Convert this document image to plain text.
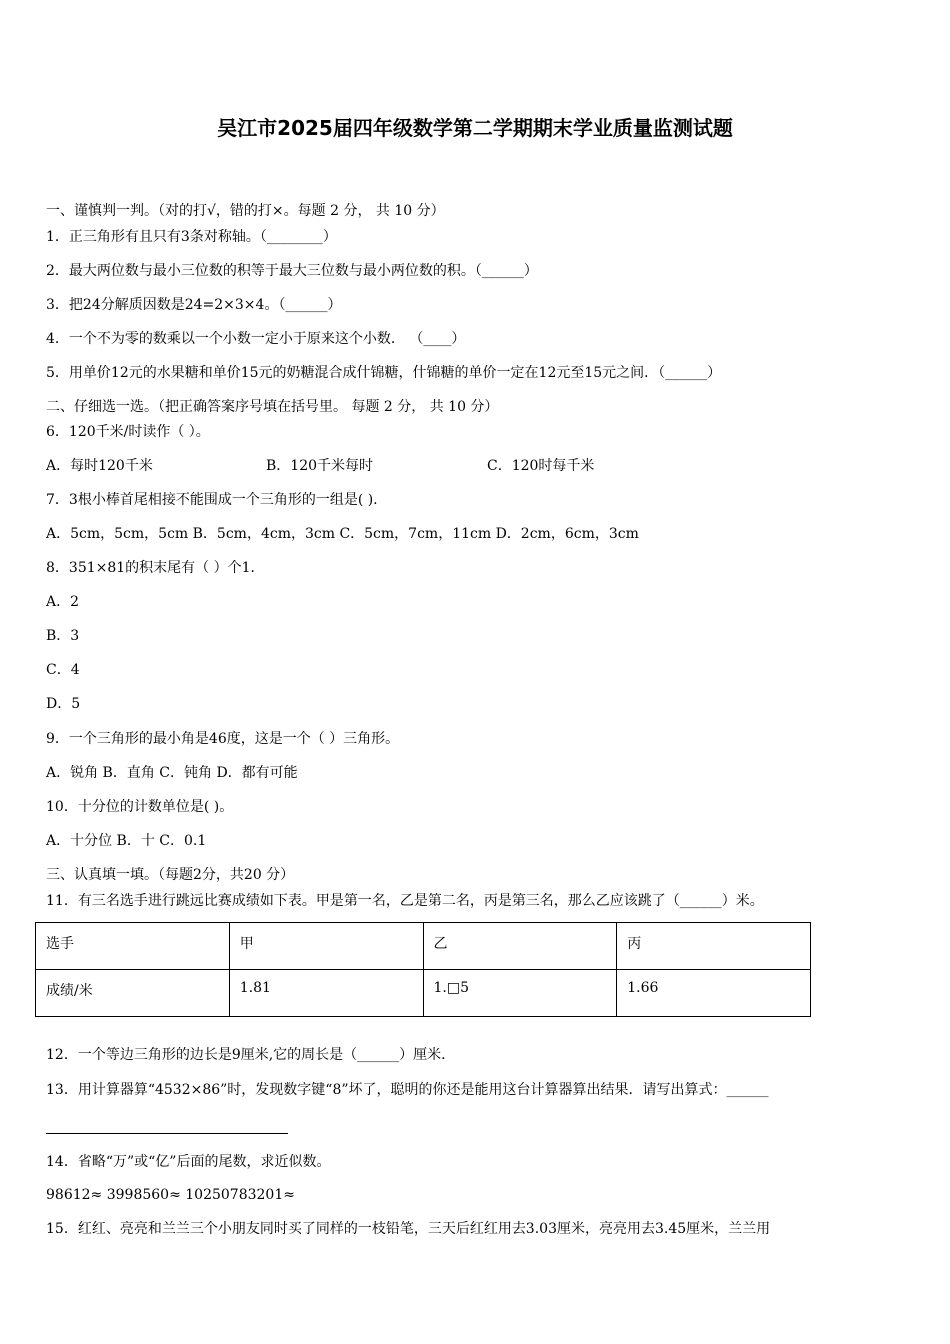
吴江市2025届四年级数学第二学期期末学业质量监测试题
一、谨慎判一判。（对的打√，错的打×。每题 2 分， 共 10 分）
1．正三角形有且只有3条对称轴。（________）
2．最大两位数与最小三位数的积等于最大三位数与最小两位数的积。（______）
3．把24分解质因数是24=2×3×4。（______）
4．一个不为零的数乘以一个小数一定小于原来这个小数． （____）
5．用单价12元的水果糖和单价15元的奶糖混合成什锦糖，什锦糖的单价一定在12元至15元之间．（______）
二、仔细选一选。（把正确答案序号填在括号里。 每题 2 分， 共 10 分）
6．120千米/时读作（ ）。
A．每时120千米	B．120千米每时	C．120时每千米
7．3根小棒首尾相接不能围成一个三角形的一组是( ).
A．5cm，5cm，5cm B．5cm，4cm，3cm C．5cm，7cm，11cm D．2cm，6cm，3cm
8．351×81的积末尾有（ ）个1．
A．2
B．3
C．4
D．5
9．一个三角形的最小角是46度，这是一个（ ）三角形。
A．锐角 B．直角 C．钝角 D．都有可能
10．十分位的计数单位是( )。
A．十分位 B．十 C．0.1
三、认真填一填。（每题2分，共20 分）
11．有三名选手进行跳远比赛成绩如下表。甲是第一名，乙是第二名，丙是第三名，那么乙应该跳了（______）米。
选手	甲	乙	丙

成绩/米	1.81	1.□5	1.66
12．一个等边三角形的边长是9厘米,它的周长是（______）厘米．
13．用计算器算“4532×86”时，发现数字键“8”坏了，聪明的你还是能用这台计算器算出结果．请写出算式：______
14．省略“万”或“亿”后面的尾数，求近似数。
98612≈ 3998560≈ 10250783201≈
15．红红、亮亮和兰兰三个小朋友同时买了同样的一枝铅笔，三天后红红用去3.03厘米，亮亮用去3.45厘米，兰兰用
